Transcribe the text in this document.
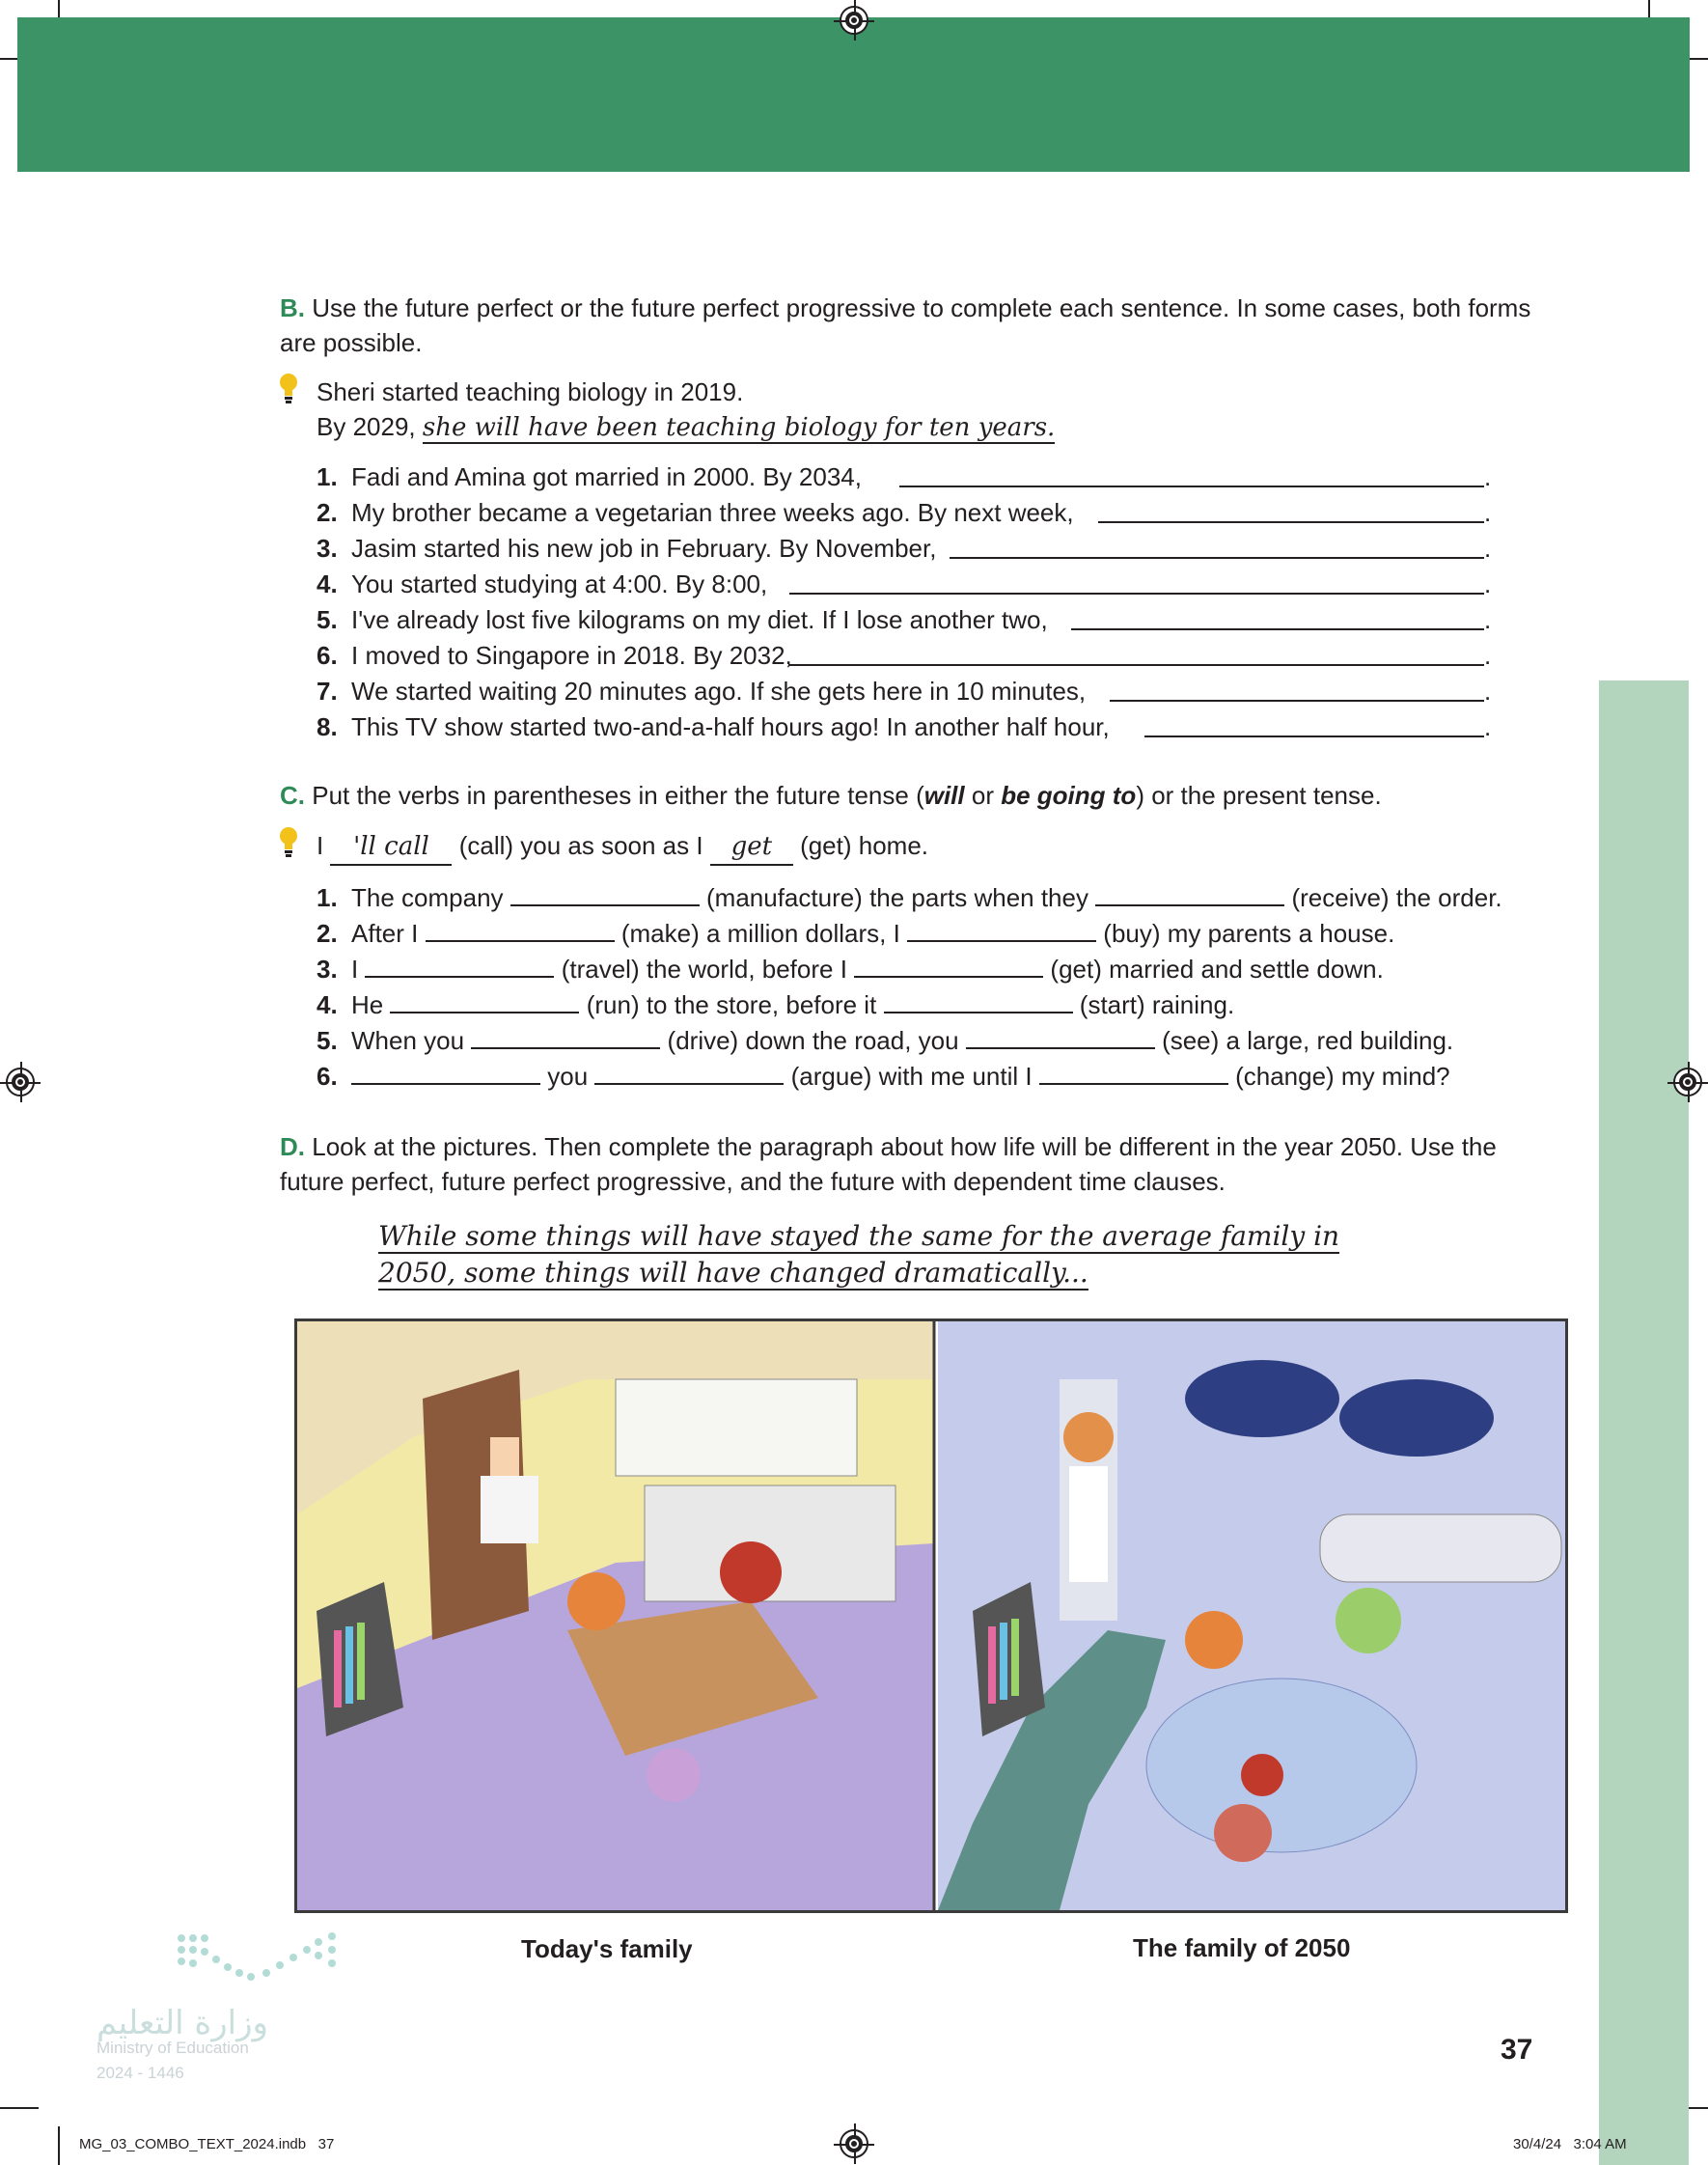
B. Use the future perfect or the future perfect progressive to complete each sentence. In some cases, both forms are possible.
Sheri started teaching biology in 2019.
By 2029, she will have been teaching biology for ten years.
1. Fadi and Amina got married in 2000. By 2034,	.
2. My brother became a vegetarian three weeks ago. By next week,	.
3. Jasim started his new job in February. By November,	.
4. You started studying at 4:00. By 8:00,	.
5. I've already lost five kilograms on my diet. If I lose another two,	.
6. I moved to Singapore in 2018. By 2032,	.
7. We started waiting 20 minutes ago. If she gets here in 10 minutes,	.
8. This TV show started two-and-a-half hours ago! In another half hour,	.
C. Put the verbs in parentheses in either the future tense (will or be going to) or the present tense.
I 'll call (call) you as soon as I get (get) home.
1. The company	(manufacture) the parts when they	(receive) the order.
2. After I	(make) a million dollars, I	(buy) my parents a house.
3. I	(travel) the world, before I	(get) married and settle down.
4. He	(run) to the store, before it	(start) raining.
5. When you	(drive) down the road, you	(see) a large, red building.
6.	you	(argue) with me until I	(change) my mind?
D. Look at the pictures. Then complete the paragraph about how life will be different in the year 2050. Use the future perfect, future perfect progressive, and the future with dependent time clauses.
While some things will have stayed the same for the average family in
2050, some things will have changed dramatically...
Today's family	The family of 2050
وزارة التعليم
Ministry of Education
2024 - 1446
37
MG_03_COMBO_TEXT_2024.indb   37	30/4/24   3:04 AM
